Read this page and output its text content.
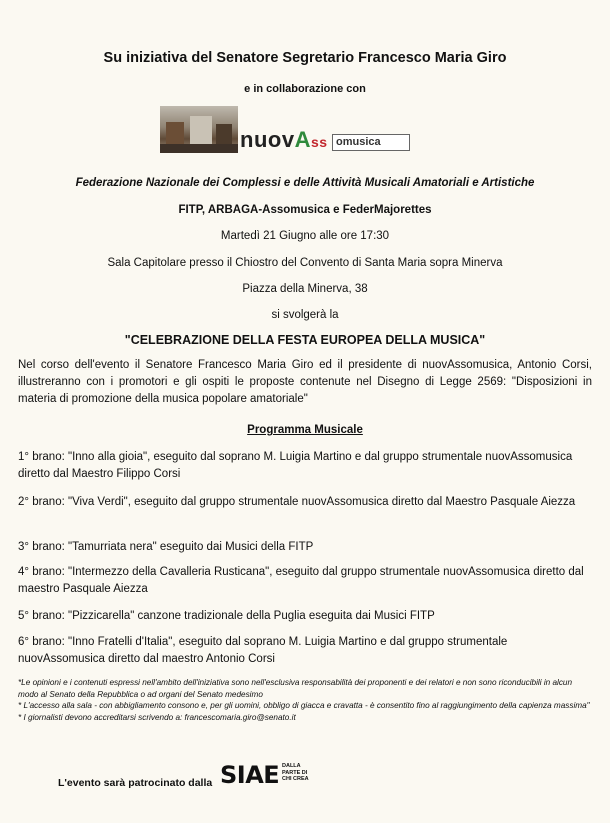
Su iniziativa del Senatore Segretario Francesco Maria Giro
e in collaborazione con
nuovAss omusica
Federazione Nazionale dei Complessi e delle Attività Musicali Amatoriali e Artistiche
FITP, ARBAGA-Assomusica e FederMajorettes
Martedì 21 Giugno alle ore 17:30
Sala Capitolare presso il Chiostro del Convento di Santa Maria sopra Minerva
Piazza della Minerva, 38
si svolgerà la
"CELEBRAZIONE DELLA FESTA EUROPEA DELLA MUSICA"
Nel corso dell'evento il Senatore Francesco Maria Giro ed il presidente di nuovAssomusica, Antonio Corsi, illustreranno con i promotori e gli ospiti le proposte contenute nel Disegno di Legge 2569: "Disposizioni in materia di promozione della musica popolare amatoriale"
Programma Musicale
1° brano: "Inno alla gioia", eseguito dal soprano M. Luigia Martino e dal gruppo strumentale nuovAssomusica diretto dal Maestro Filippo Corsi
2° brano: "Viva Verdi", eseguito dal gruppo strumentale nuovAssomusica diretto dal Maestro Pasquale Aiezza
3° brano: "Tamurriata nera" eseguito dai Musici della FITP
4° brano: "Intermezzo della Cavalleria Rusticana", eseguito dal gruppo strumentale nuovAssomusica diretto dal maestro Pasquale Aiezza
5° brano: "Pizzicarella" canzone tradizionale della Puglia eseguita dai Musici FITP
6° brano: "Inno Fratelli d'Italia", eseguito dal soprano M. Luigia Martino e dal gruppo strumentale nuovAssomusica diretto dal maestro Antonio Corsi
*Le opinioni e i contenuti espressi nell'ambito dell'iniziativa sono nell'esclusiva responsabilità dei proponenti e dei relatori e non sono riconducibili in alcun modo al Senato della Repubblica o ad organi del Senato medesimo
* L'accesso alla sala - con abbigliamento consono e, per gli uomini, obbligo di giacca e cravatta - è consentito fino al raggiungimento della capienza massima"
* I giornalisti devono accreditarsi scrivendo a: francescomaria.giro@senato.it
L'evento sarà patrocinato dalla SIAE DALLA PARTE DI CHI CREA
